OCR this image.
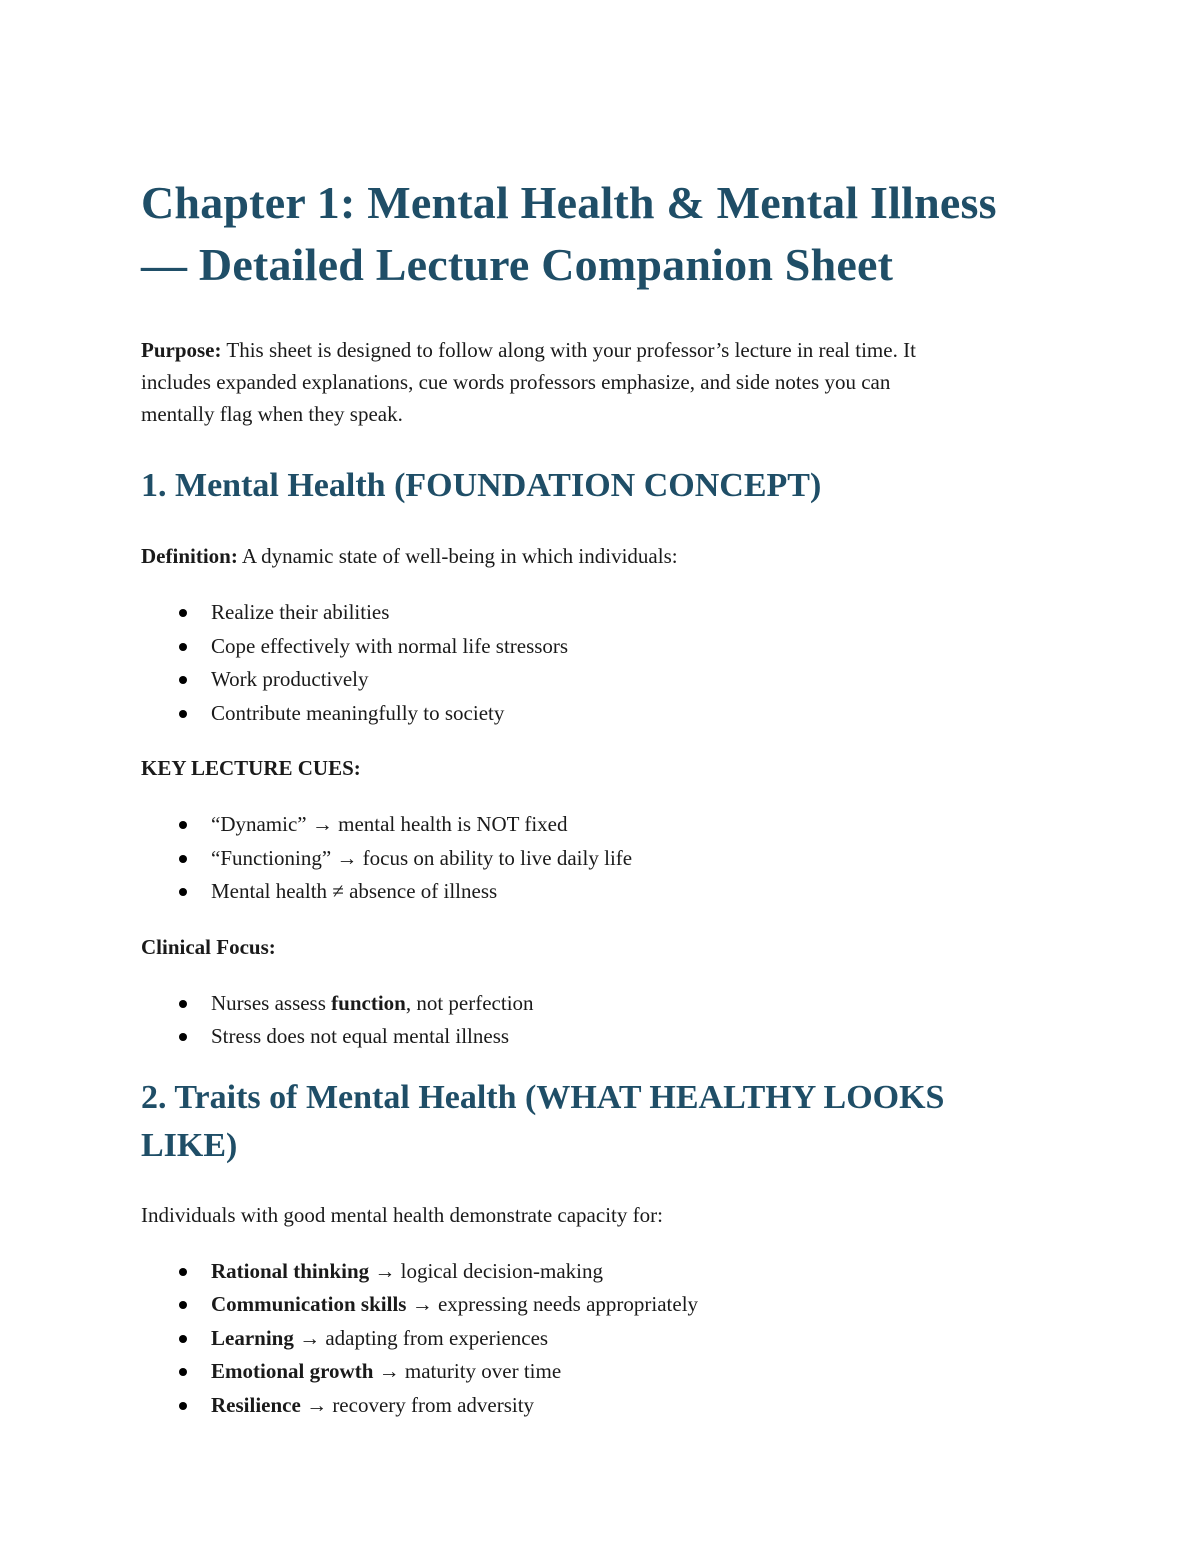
Chapter 1: Mental Health & Mental Illness
— Detailed Lecture Companion Sheet

Purpose: This sheet is designed to follow along with your professor’s lecture in real time. It

includes expanded explanations, cue words professors emphasize, and side notes you can

mentally flag when they speak.

1. Mental Health (FOUNDATION CONCEPT)

Definition: A dynamic state of well-being in which individuals:

Realize their abilities
Cope effectively with normal life stressors
Work productively
Contribute meaningfully to society

KEY LECTURE CUES:

“Dynamic” → mental health is NOT fixed
“Functioning” → focus on ability to live daily life
Mental health ≠ absence of illness

Clinical Focus:

Nurses assess function, not perfection
Stress does not equal mental illness
2. Traits of Mental Health (WHAT HEALTHY LOOKS
LIKE)

Individuals with good mental health demonstrate capacity for:

Rational thinking → logical decision-making
Communication skills → expressing needs appropriately
Learning → adapting from experiences
Emotional growth → maturity over time
Resilience → recovery from adversity
